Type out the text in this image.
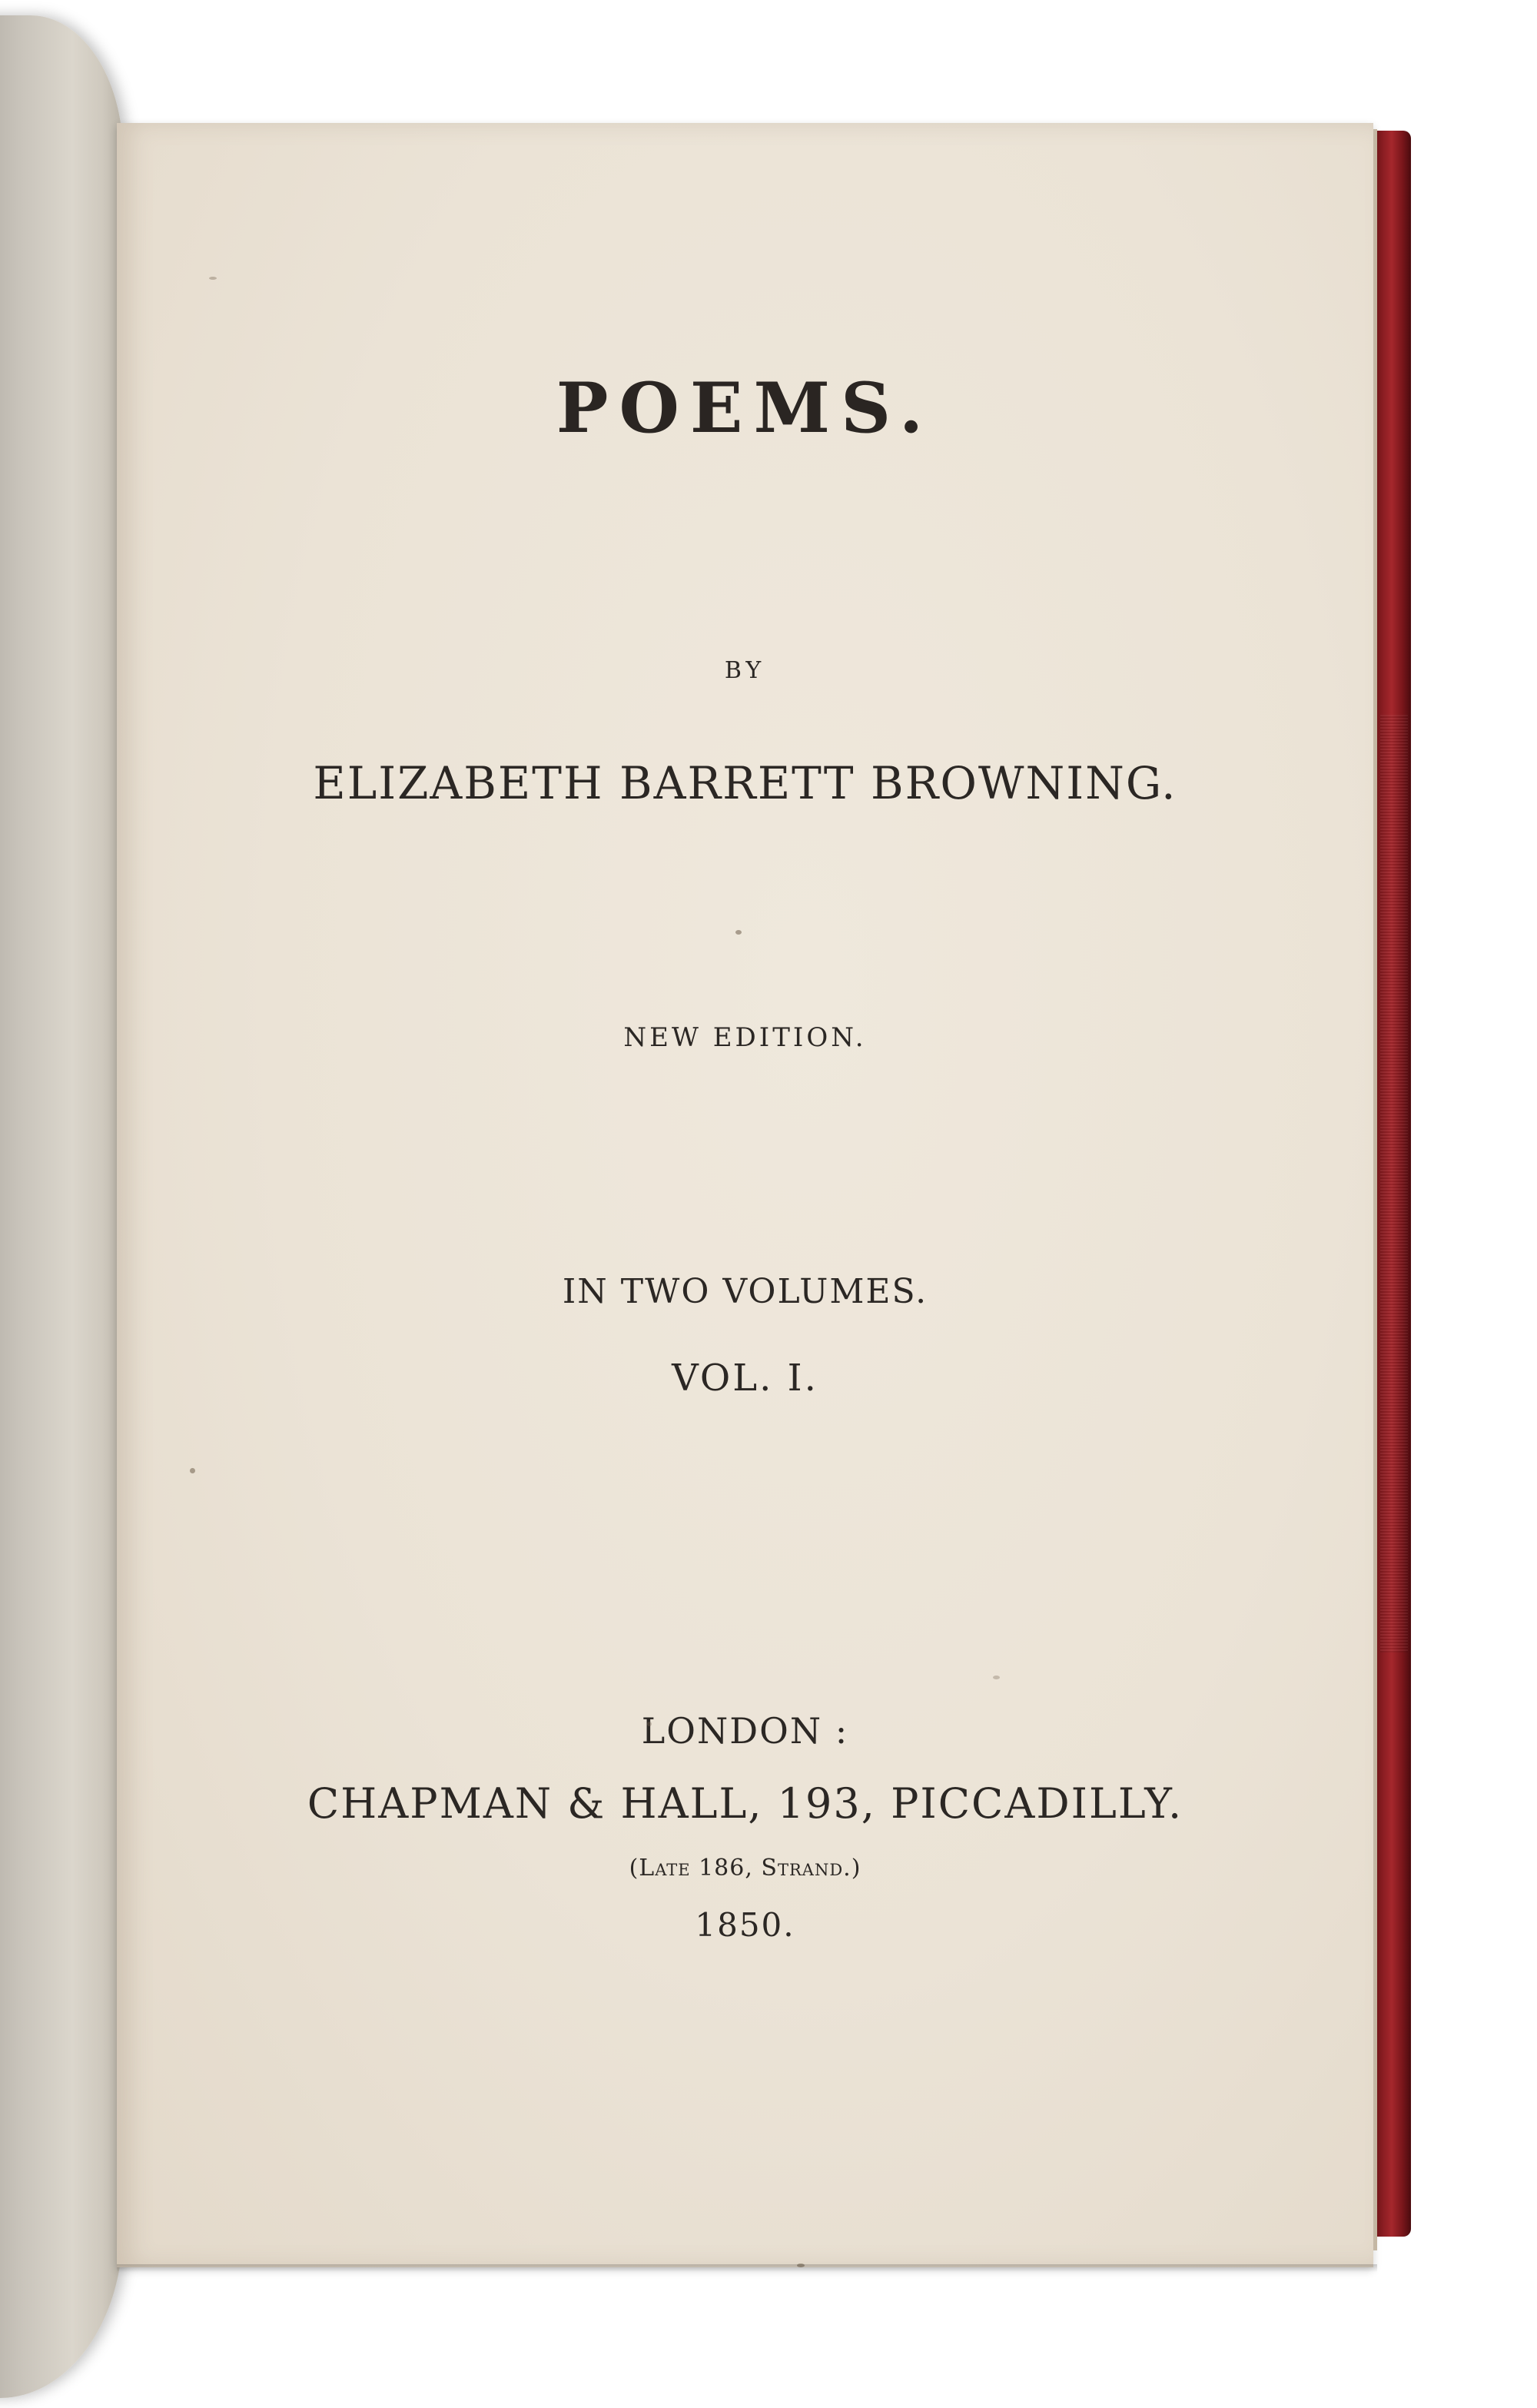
POEMS.
BY
ELIZABETH BARRETT BROWNING.
NEW EDITION.
IN TWO VOLUMES.
VOL. I.
LONDON :
CHAPMAN & HALL, 193, PICCADILLY.
(Late 186, Strand.)
1850.
